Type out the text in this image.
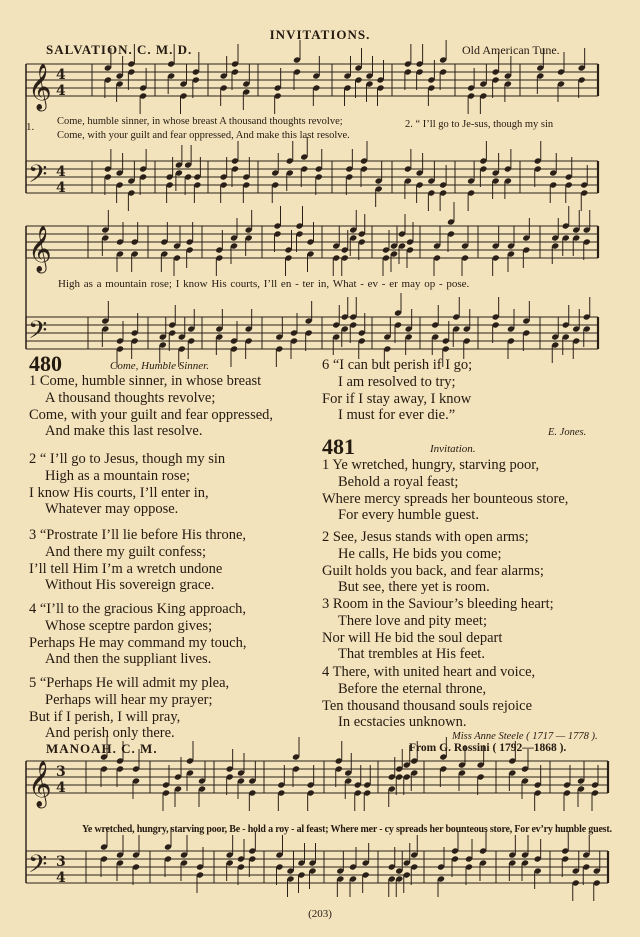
INVITATIONS.
SALVATION. C. M. D.	Old American Tune.
𝄞 4
4
𝄢 4
4
𝄞
𝄢
𝄞 3
4
𝄢 3
4
1. Come, humble sinner, in whose breast A thousand thoughts revolve;
Come, with your guilt and fear oppressed, And make this last resolve.
2. “ I’ll go to Je-sus, though my sin
High as a mountain rose; I know His courts, I’ll en - ter in, What - ev - er may op - pose.
480	Come, Humble Sinner.
1 Come, humble sinner, in whose breast
A thousand thoughts revolve;
Come, with your guilt and fear oppressed,
And make this last resolve.
2 “ I’ll go to Jesus, though my sin
High as a mountain rose;
I know His courts, I’ll enter in,
Whatever may oppose.
3 “Prostrate I’ll lie before His throne,
And there my guilt confess;
I’ll tell Him I’m a wretch undone
Without His sovereign grace.
4 “I’ll to the gracious King approach,
Whose sceptre pardon gives;
Perhaps He may command my touch,
And then the suppliant lives.
5 “Perhaps He will admit my plea,
Perhaps will hear my prayer;
But if I perish, I will pray,
And perish only there.
6 “I can but perish if I go;
I am resolved to try;
For if I stay away, I know
I must for ever die.”
E. Jones.
481	Invitation.
1 Ye wretched, hungry, starving poor,
Behold a royal feast;
Where mercy spreads her bounteous store,
For every humble guest.
2 See, Jesus stands with open arms;
He calls, He bids you come;
Guilt holds you back, and fear alarms;
But see, there yet is room.
3 Room in the Saviour’s bleeding heart;
There love and pity meet;
Nor will He bid the soul depart
That trembles at His feet.
4 There, with united heart and voice,
Before the eternal throne,
Ten thousand thousand souls rejoice
In ecstacies unknown.
Miss Anne Steele ( 1717 — 1778 ).
MANOAH. C. M.	From G. Rossini ( 1792—1868 ).
Ye wretched, hungry, starving poor, Be - hold a roy - al feast; Where mer - cy spreads her bounteous store, For ev’ry humble guest.
(203)
